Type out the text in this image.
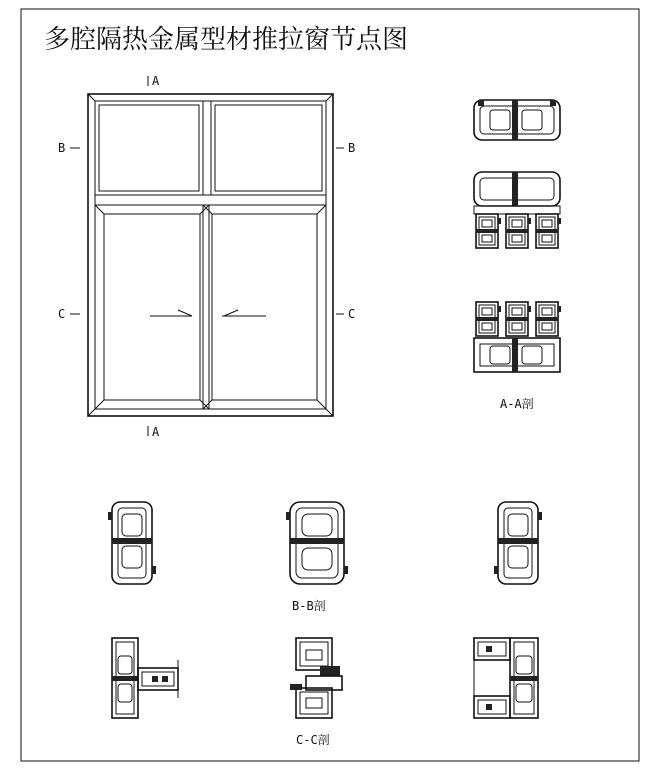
多腔隔热金属型材推拉窗节点图
A
A
B	B
C	C
A-A剖
B-B剖
C-C剖
